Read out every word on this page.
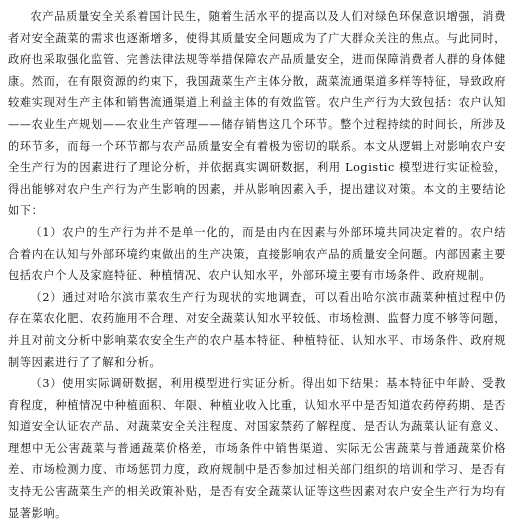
农产品质量安全关系着国计民生，随着生活水平的提高以及人们对绿色环保意识增强，消费者对安全蔬菜的需求也逐渐增多，使得其质量安全问题成为了广大群众关注的焦点。与此同时，政府也采取强化监管、完善法律法规等举措保障农产品质量安全，进而保障消费者人群的身体健康。然而，在有限资源的约束下，我国蔬菜生产主体分散，蔬菜流通渠道多样等特征，导致政府较难实现对生产主体和销售流通渠道上利益主体的有效监管。农户生产行为大致包括：农户认知——农业生产规划——农业生产管理——储存销售这几个环节。整个过程持续的时间长，所涉及的环节多，而每一个环节都与农产品质量安全有着极为密切的联系。本文从逻辑上对影响农户安全生产行为的因素进行了理论分析，并依据真实调研数据，利用 Logistic 模型进行实证检验，得出能够对农户生产行为产生影响的因素，并从影响因素入手，提出建议对策。本文的主要结论如下：

（1）农户的生产行为并不是单一化的，而是由内在因素与外部环境共同决定着的。农户结合着内在认知与外部环境约束做出的生产决策，直接影响农产品的质量安全问题。内部因素主要包括农户个人及家庭特征、种植情况、农户认知水平，外部环境主要有市场条件、政府规制。

（2）通过对哈尔滨市菜农生产行为现状的实地调查，可以看出哈尔滨市蔬菜种植过程中仍存在菜农化肥、农药施用不合理、对安全蔬菜认知水平较低、市场检测、监督力度不够等问题，并且对前文分析中影响菜农安全生产的农户基本特征、种植特征、认知水平、市场条件、政府规制等因素进行了了解和分析。

（3）使用实际调研数据，利用模型进行实证分析。得出如下结果：基本特征中年龄、受教育程度，种植情况中种植面积、年限、种植业收入比重，认知水平中是否知道农药停药期、是否知道安全认证农产品、对蔬菜安全关注程度、对国家禁药了解程度、是否认为蔬菜认证有意义、理想中无公害蔬菜与普通蔬菜价格差，市场条件中销售渠道、实际无公害蔬菜与普通蔬菜价格差、市场检测力度、市场惩罚力度，政府规制中是否参加过相关部门组织的培训和学习、是否有支持无公害蔬菜生产的相关政策补贴，是否有安全蔬菜认证等这些因素对农户安全生产行为均有显著影响。
